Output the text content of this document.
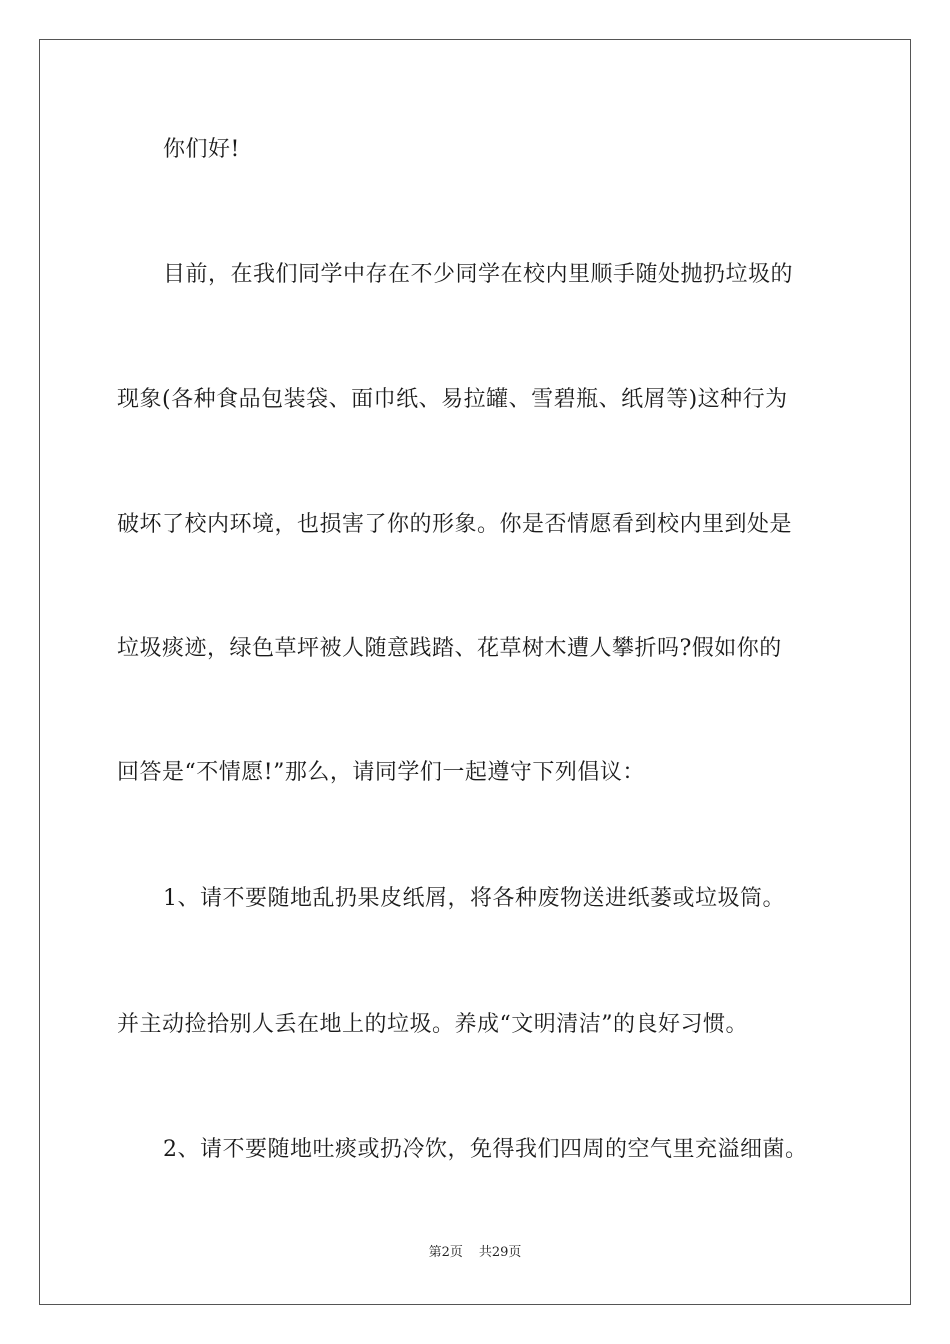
你们好!
目前，在我们同学中存在不少同学在校内里顺手随处抛扔垃圾的
现象(各种食品包装袋、面巾纸、易拉罐、雪碧瓶、纸屑等)这种行为
破坏了校内环境，也损害了你的形象。你是否情愿看到校内里到处是
垃圾痰迹，绿色草坪被人随意践踏、花草树木遭人攀折吗?假如你的
回答是“不情愿!”那么，请同学们一起遵守下列倡议：
1、请不要随地乱扔果皮纸屑，将各种废物送进纸蒌或垃圾筒。
并主动捡拾别人丢在地上的垃圾。养成“文明清洁”的良好习惯。
2、请不要随地吐痰或扔冷饮，免得我们四周的空气里充溢细菌。
第2页 共29页
